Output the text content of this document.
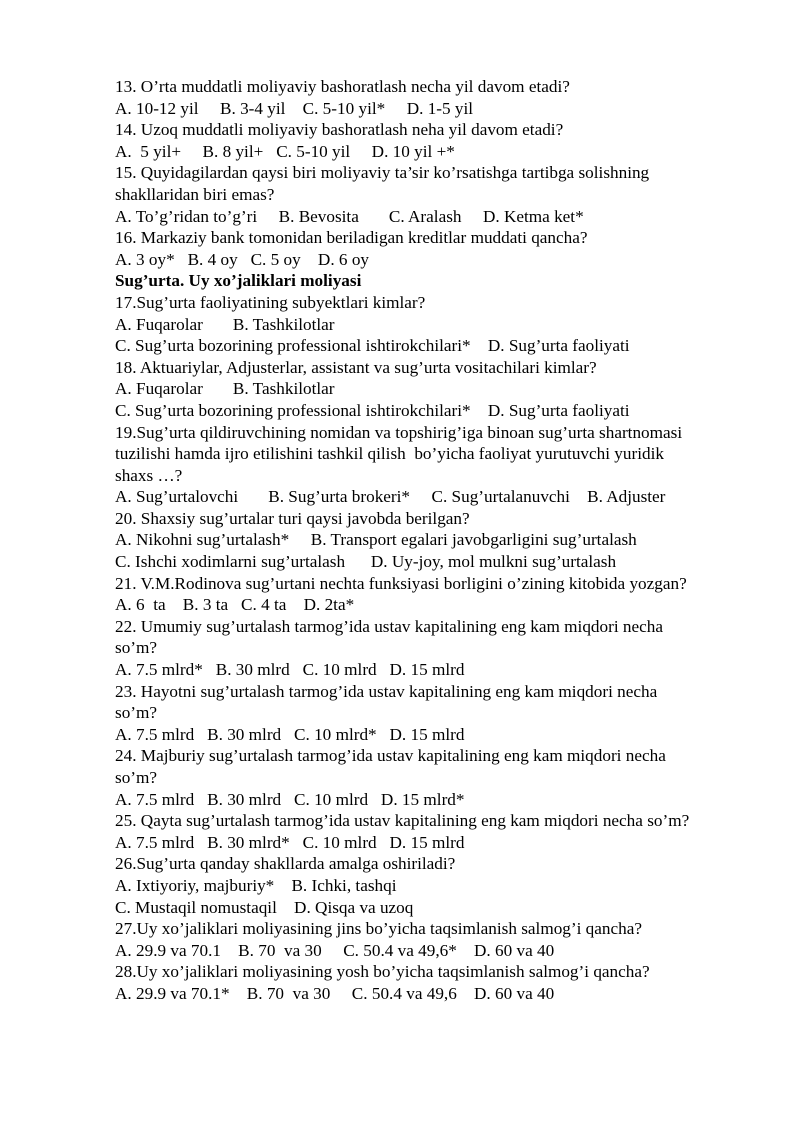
13. O’rta muddatli moliyaviy bashoratlash necha yil davom etadi?
A. 10-12 yil     B. 3-4 yil    C. 5-10 yil*     D. 1-5 yil
14. Uzoq muddatli moliyaviy bashoratlash neha yil davom etadi?
A.  5 yil+     B. 8 yil+   C. 5-10 yil     D. 10 yil +*
15. Quyidagilardan qaysi biri moliyaviy ta’sir ko’rsatishga tartibga solishning
shakllaridan biri emas?
A. To’g’ridan to’g’ri     B. Bevosita       C. Aralash     D. Ketma ket*
16. Markaziy bank tomonidan beriladigan kreditlar muddati qancha?
A. 3 oy*   B. 4 oy   C. 5 oy    D. 6 oy
Sug’urta. Uy xo’jaliklari moliyasi
17.Sug’urta faoliyatining subyektlari kimlar?
A. Fuqarolar       B. Tashkilotlar
C. Sug’urta bozorining professional ishtirokchilari*    D. Sug’urta faoliyati
18. Aktuariylar, Adjusterlar, assistant va sug’urta vositachilari kimlar?
A. Fuqarolar       B. Tashkilotlar
C. Sug’urta bozorining professional ishtirokchilari*    D. Sug’urta faoliyati
19.Sug’urta qildiruvchining nomidan va topshirig’iga binoan sug’urta shartnomasi
tuzilishi hamda ijro etilishini tashkil qilish  bo’yicha faoliyat yurutuvchi yuridik
shaxs …?
A. Sug’urtalovchi       B. Sug’urta brokeri*     C. Sug’urtalanuvchi    B. Adjuster
20. Shaxsiy sug’urtalar turi qaysi javobda berilgan?
A. Nikohni sug’urtalash*     B. Transport egalari javobgarligini sug’urtalash
C. Ishchi xodimlarni sug’urtalash      D. Uy-joy, mol mulkni sug’urtalash
21. V.M.Rodinova sug’urtani nechta funksiyasi borligini o’zining kitobida yozgan?
A. 6  ta    B. 3 ta   C. 4 ta    D. 2ta*
22. Umumiy sug’urtalash tarmog’ida ustav kapitalining eng kam miqdori necha
so’m?
A. 7.5 mlrd*   B. 30 mlrd   C. 10 mlrd   D. 15 mlrd
23. Hayotni sug’urtalash tarmog’ida ustav kapitalining eng kam miqdori necha
so’m?
A. 7.5 mlrd   B. 30 mlrd   C. 10 mlrd*   D. 15 mlrd
24. Majburiy sug’urtalash tarmog’ida ustav kapitalining eng kam miqdori necha
so’m?
A. 7.5 mlrd   B. 30 mlrd   C. 10 mlrd   D. 15 mlrd*
25. Qayta sug’urtalash tarmog’ida ustav kapitalining eng kam miqdori necha so’m?
A. 7.5 mlrd   B. 30 mlrd*   C. 10 mlrd   D. 15 mlrd
26.Sug’urta qanday shakllarda amalga oshiriladi?
A. Ixtiyoriy, majburiy*    B. Ichki, tashqi
C. Mustaqil nomustaqil    D. Qisqa va uzoq
27.Uy xo’jaliklari moliyasining jins bo’yicha taqsimlanish salmog’i qancha?
A. 29.9 va 70.1    B. 70  va 30     C. 50.4 va 49,6*    D. 60 va 40
28.Uy xo’jaliklari moliyasining yosh bo’yicha taqsimlanish salmog’i qancha?
A. 29.9 va 70.1*    B. 70  va 30     C. 50.4 va 49,6    D. 60 va 40
